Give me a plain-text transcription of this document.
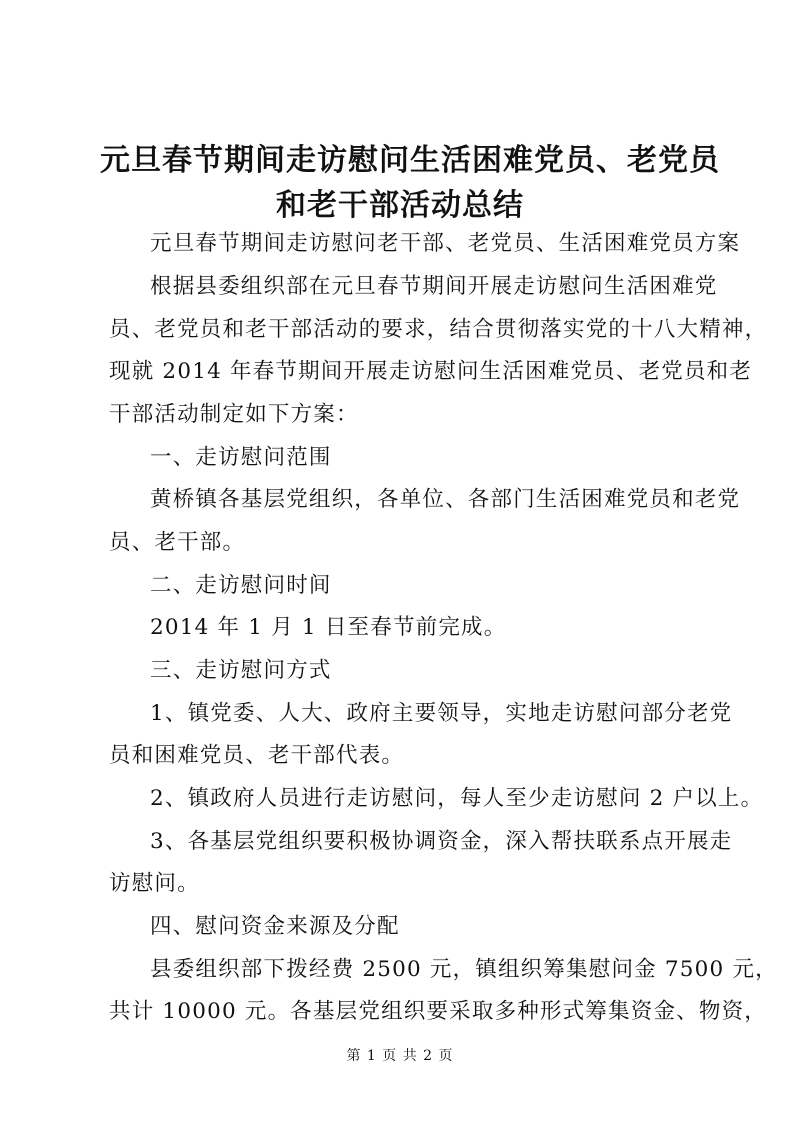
元旦春节期间走访慰问生活困难党员、老党员
和老干部活动总结
元旦春节期间走访慰问老干部、老党员、生活困难党员方案
根据县委组织部在元旦春节期间开展走访慰问生活困难党
员、老党员和老干部活动的要求，结合贯彻落实党的十八大精神，
现就 2014 年春节期间开展走访慰问生活困难党员、老党员和老
干部活动制定如下方案：
一、走访慰问范围
黄桥镇各基层党组织，各单位、各部门生活困难党员和老党
员、老干部。
二、走访慰问时间
2014 年 1 月 1 日至春节前完成。
三、走访慰问方式
1、镇党委、人大、政府主要领导，实地走访慰问部分老党
员和困难党员、老干部代表。
2、镇政府人员进行走访慰问，每人至少走访慰问 2 户以上。
3、各基层党组织要积极协调资金，深入帮扶联系点开展走
访慰问。
四、慰问资金来源及分配
县委组织部下拨经费 2500 元，镇组织筹集慰问金 7500 元，
共计 10000 元。各基层党组织要采取多种形式筹集资金、物资，
第 1 页 共 2 页
